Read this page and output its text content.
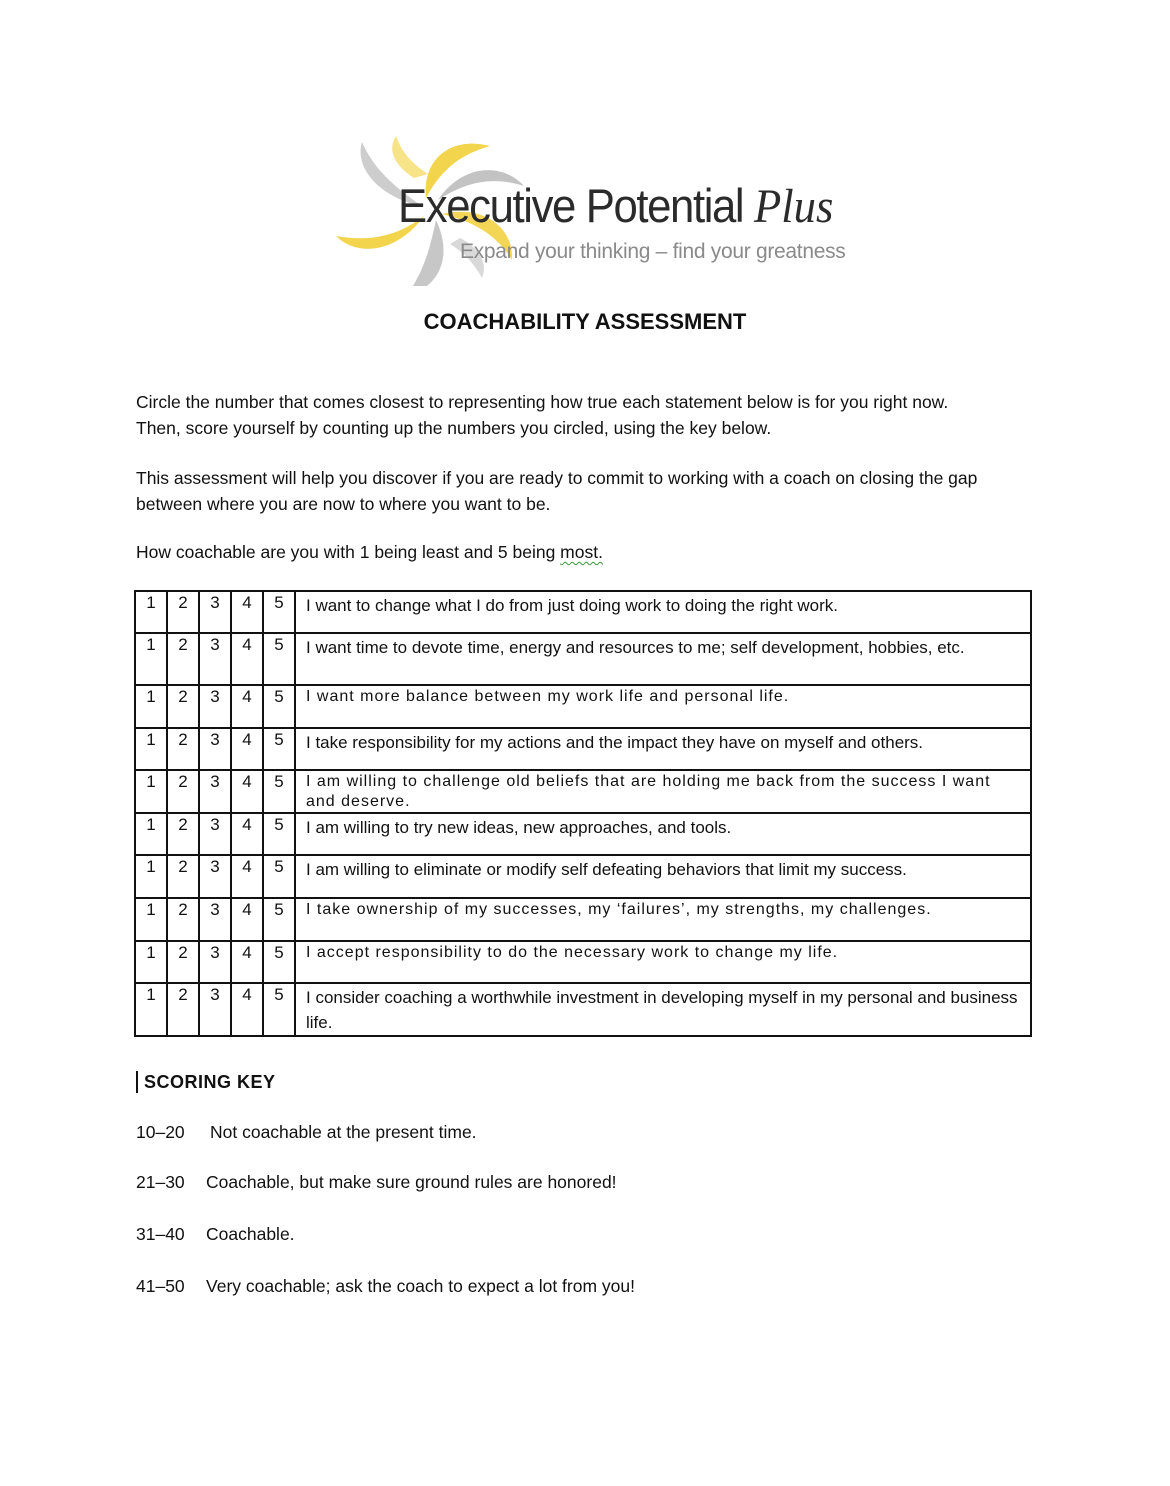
Executive Potential Plus
Expand your thinking – find your greatness
COACHABILITY ASSESSMENT
Circle the number that comes closest to representing how true each statement below is for you right now.
Then, score yourself by counting up the numbers you circled, using the key below.
This assessment will help you discover if you are ready to commit to working with a coach on closing the gap
between where you are now to where you want to be.
How coachable are you with 1 being least and 5 being most.
1	2	3	4	5	I want to change what I do from just doing work to doing the right work.
1	2	3	4	5	I want time to devote time, energy and resources to me; self development, hobbies, etc.
1	2	3	4	5	I want more balance between my work life and personal life.
1	2	3	4	5	I take responsibility for my actions and the impact they have on myself and others.
1	2	3	4	5	I am willing to challenge old beliefs that are holding me back from the success I want and deserve.
1	2	3	4	5	I am willing to try new ideas, new approaches, and tools.
1	2	3	4	5	I am willing to eliminate or modify self defeating behaviors that limit my success.
1	2	3	4	5	I take ownership of my successes, my ‘failures’, my strengths, my challenges.
1	2	3	4	5	I accept responsibility to do the necessary work to change my life.
1	2	3	4	5	I consider coaching a worthwhile investment in developing myself in my personal and business life.
SCORING KEY
10–20 Not coachable at the present time.
21–30 Coachable, but make sure ground rules are honored!
31–40 Coachable.
41–50 Very coachable; ask the coach to expect a lot from you!
